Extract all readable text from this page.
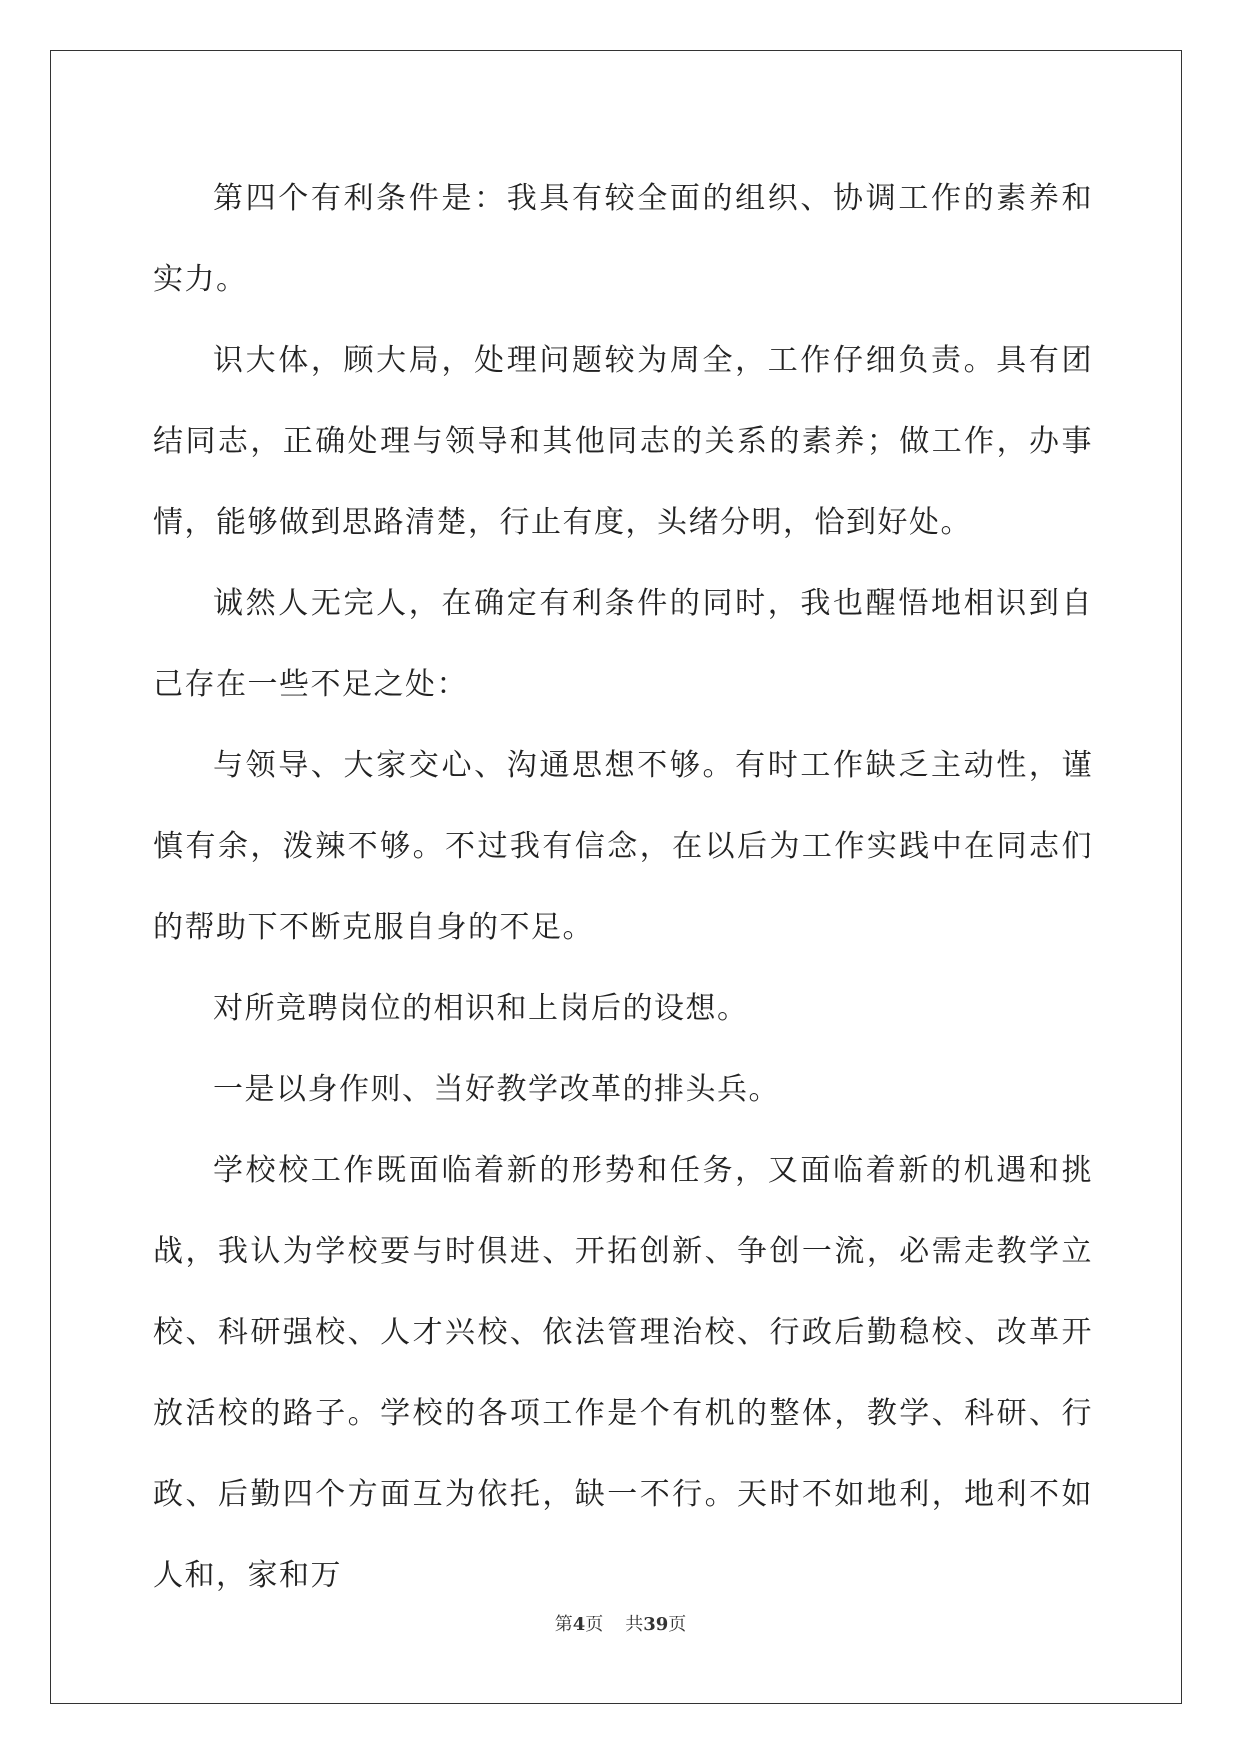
第四个有利条件是：我具有较全面的组织、协调工作的素养和实力。

识大体，顾大局，处理问题较为周全，工作仔细负责。具有团结同志，正确处理与领导和其他同志的关系的素养；做工作，办事情，能够做到思路清楚，行止有度，头绪分明，恰到好处。

诚然人无完人，在确定有利条件的同时，我也醒悟地相识到自己存在一些不足之处：

与领导、大家交心、沟通思想不够。有时工作缺乏主动性，谨慎有余，泼辣不够。不过我有信念，在以后为工作实践中在同志们的帮助下不断克服自身的不足。

对所竞聘岗位的相识和上岗后的设想。

一是以身作则、当好教学改革的排头兵。

学校校工作既面临着新的形势和任务，又面临着新的机遇和挑战，我认为学校要与时俱进、开拓创新、争创一流，必需走教学立校、科研强校、人才兴校、依法管理治校、行政后勤稳校、改革开放活校的路子。学校的各项工作是个有机的整体，教学、科研、行政、后勤四个方面互为依托，缺一不行。天时不如地利，地利不如人和，家和万

第4页 共39页
